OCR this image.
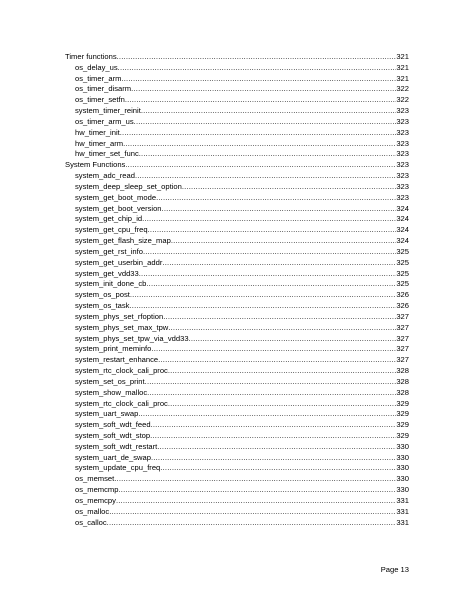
Timer functions .....	321
os_delay_us .....	321
os_timer_arm .....	321
os_timer_disarm .....	322
os_timer_setfn .....	322
system_timer_reinit .....	323
os_timer_arm_us .....	323
hw_timer_init .....	323
hw_timer_arm .....	323
hw_timer_set_func .....	323
System Functions .....	323
system_adc_read .....	323
system_deep_sleep_set_option .....	323
system_get_boot_mode .....	323
system_get_boot_version .....	324
system_get_chip_id .....	324
system_get_cpu_freq .....	324
system_get_flash_size_map .....	324
system_get_rst_info .....	325
system_get_userbin_addr .....	325
system_get_vdd33 .....	325
system_init_done_cb .....	325
system_os_post .....	326
system_os_task .....	326
system_phys_set_rfoption .....	327
system_phys_set_max_tpw .....	327
system_phys_set_tpw_via_vdd33 .....	327
system_print_meminfo .....	327
system_restart_enhance .....	327
system_rtc_clock_cali_proc .....	328
system_set_os_print .....	328
system_show_malloc .....	328
system_rtc_clock_cali_proc .....	329
system_uart_swap .....	329
system_soft_wdt_feed .....	329
system_soft_wdt_stop .....	329
system_soft_wdt_restart .....	330
system_uart_de_swap .....	330
system_update_cpu_freq .....	330
os_memset .....	330
os_memcmp .....	330
os_memcpy .....	331
os_malloc .....	331
os_calloc .....	331
Page 13
